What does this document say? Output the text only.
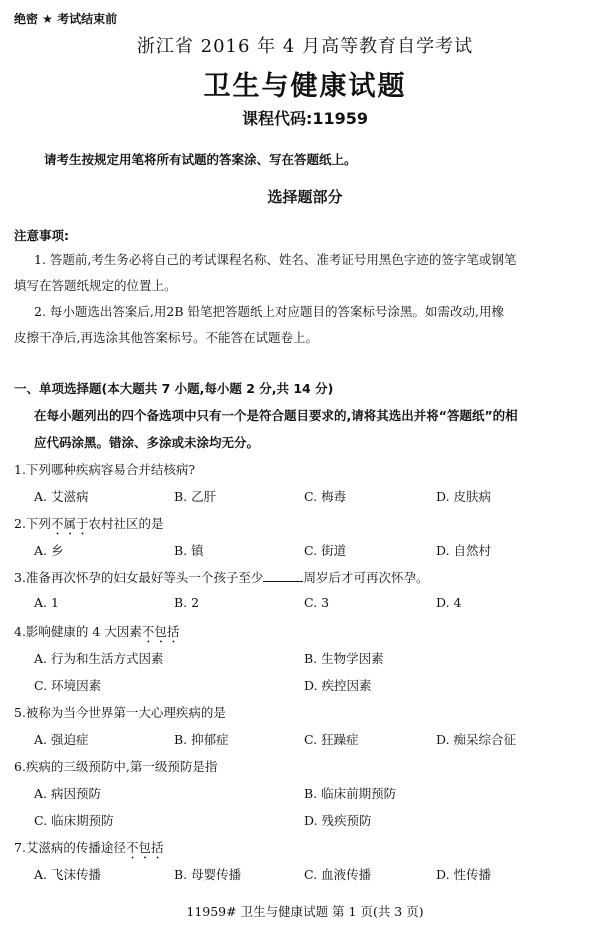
绝密 ★ 考试结束前
浙江省 2016 年 4 月高等教育自学考试
卫生与健康试题
课程代码:11959
请考生按规定用笔将所有试题的答案涂、写在答题纸上。
选择题部分
注意事项:
1. 答题前,考生务必将自己的考试课程名称、姓名、准考证号用黑色字迹的签字笔或钢笔
填写在答题纸规定的位置上。
2. 每小题选出答案后,用2B 铅笔把答题纸上对应题目的答案标号涂黑。如需改动,用橡
皮擦干净后,再选涂其他答案标号。不能答在试题卷上。
一、单项选择题(本大题共 7 小题,每小题 2 分,共 14 分)
在每小题列出的四个备选项中只有一个是符合题目要求的,请将其选出并将“答题纸”的相
应代码涂黑。错涂、多涂或未涂均无分。
1.下列哪种疾病容易合并结核病?
A. 艾滋病	B. 乙肝	C. 梅毒	D. 皮肤病
2.下列不属于农村社区的是
A. 乡	B. 镇	C. 街道	D. 自然村
3.准备再次怀孕的妇女最好等头一个孩子至少	周岁后才可再次怀孕。
A. 1	B. 2	C. 3	D. 4
4.影响健康的 4 大因素不包括
A. 行为和生活方式因素	B. 生物学因素
C. 环境因素	D. 疾控因素
5.被称为当今世界第一大心理疾病的是
A. 强迫症	B. 抑郁症	C. 狂躁症	D. 痴呆综合征
6.疾病的三级预防中,第一级预防是指
A. 病因预防	B. 临床前期预防
C. 临床期预防	D. 残疾预防
7.艾滋病的传播途径不包括
A. 飞沫传播	B. 母婴传播	C. 血液传播	D. 性传播
11959# 卫生与健康试题 第 1 页(共 3 页)
